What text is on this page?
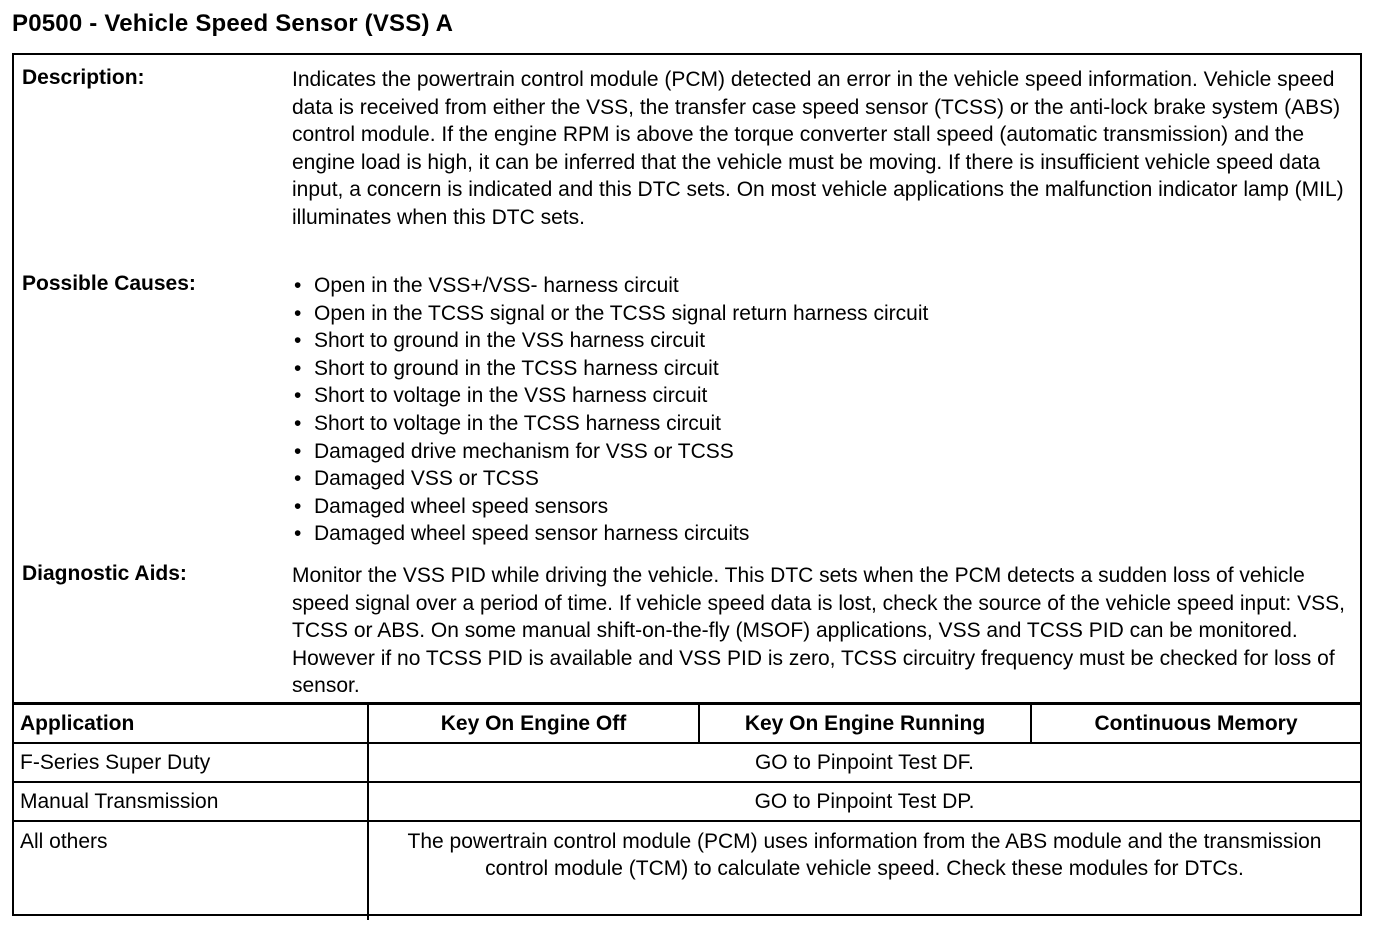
P0500 - Vehicle Speed Sensor (VSS) A
Description:	Indicates the powertrain control module (PCM) detected an error in the vehicle speed information. Vehicle speed data is received from either the VSS, the transfer case speed sensor (TCSS) or the anti-lock brake system (ABS) control module. If the engine RPM is above the torque converter stall speed (automatic transmission) and the engine load is high, it can be inferred that the vehicle must be moving. If there is insufficient vehicle speed data input, a concern is indicated and this DTC sets. On most vehicle applications the malfunction indicator lamp (MIL) illuminates when this DTC sets.

Possible Causes:	• Open in the VSS+/VSS- harness circuit
• Open in the TCSS signal or the TCSS signal return harness circuit
• Short to ground in the VSS harness circuit
• Short to ground in the TCSS harness circuit
• Short to voltage in the VSS harness circuit
• Short to voltage in the TCSS harness circuit
• Damaged drive mechanism for VSS or TCSS
• Damaged VSS or TCSS
• Damaged wheel speed sensors
• Damaged wheel speed sensor harness circuits
Diagnostic Aids:	Monitor the VSS PID while driving the vehicle. This DTC sets when the PCM detects a sudden loss of vehicle speed signal over a period of time. If vehicle speed data is lost, check the source of the vehicle speed input: VSS, TCSS or ABS. On some manual shift-on-the-fly (MSOF) applications, VSS and TCSS PID can be monitored. However if no TCSS PID is available and VSS PID is zero, TCSS circuitry frequency must be checked for loss of sensor.

Application	Key On Engine Off	Key On Engine Running	Continuous Memory
F-Series Super Duty	GO to Pinpoint Test DF.		
Manual Transmission	GO to Pinpoint Test DP.		
All others	The powertrain control module (PCM) uses information from the ABS module and the transmission control module (TCM) to calculate vehicle speed. Check these modules for DTCs.		
